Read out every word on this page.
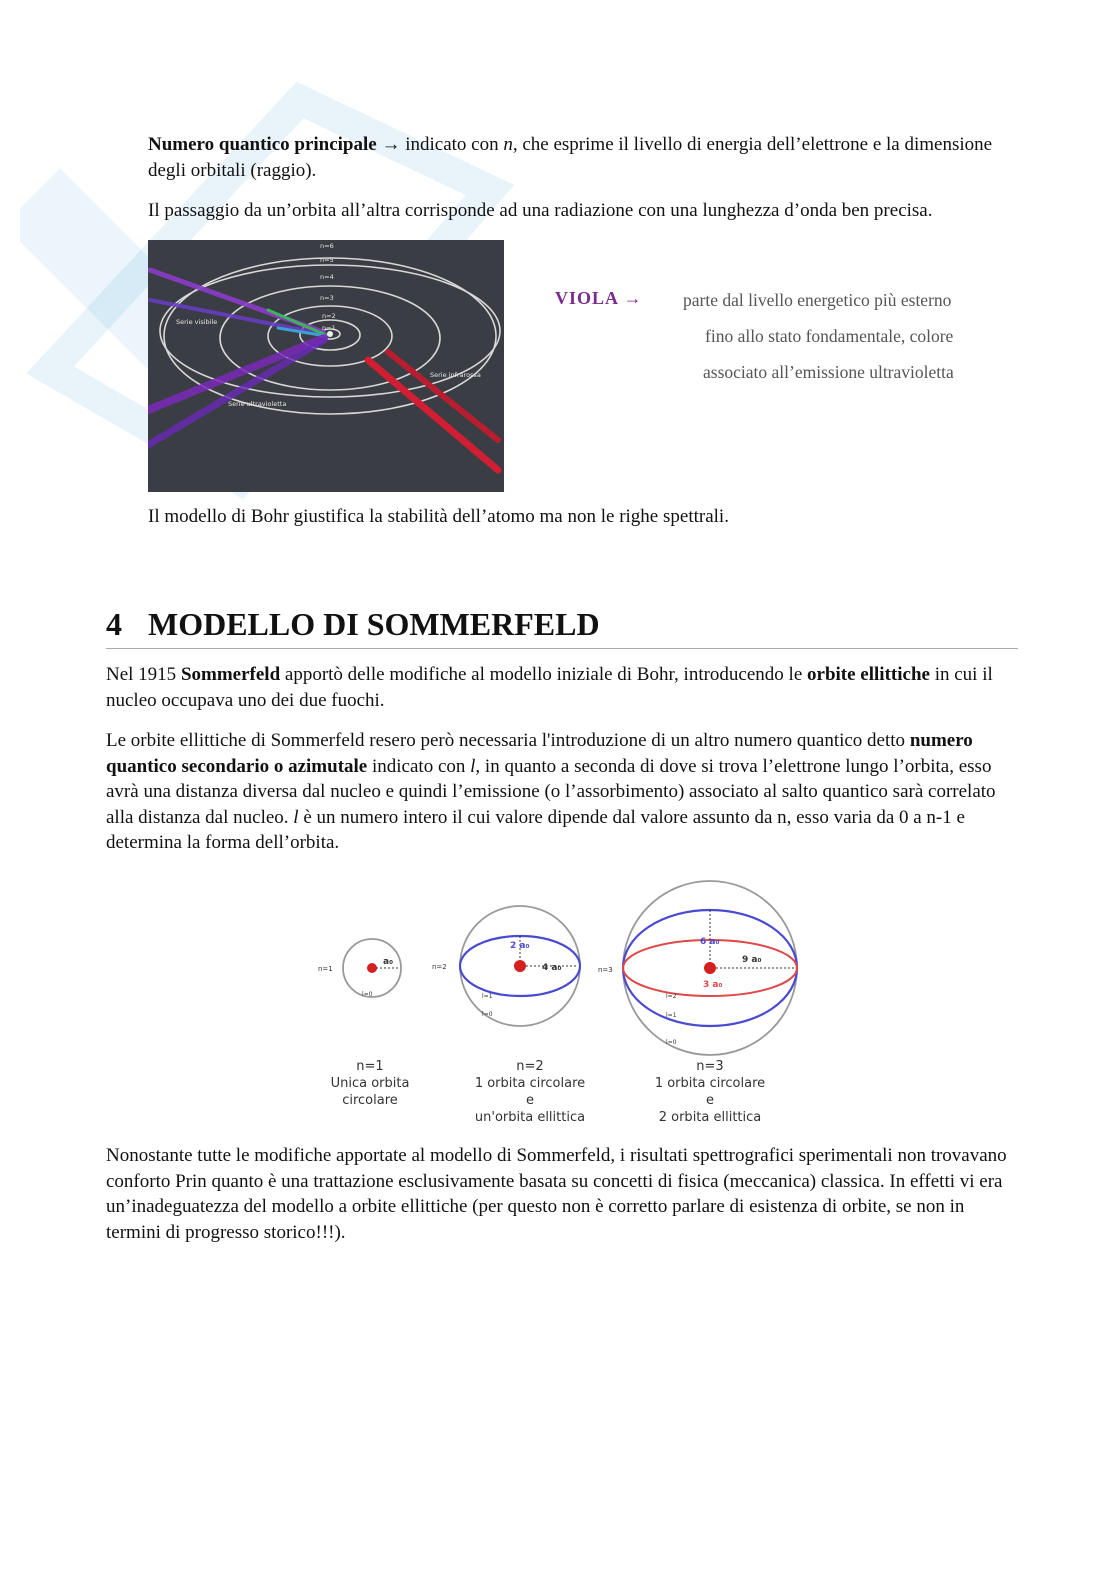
Numero quantico principale → indicato con n, che esprime il livello di energia dell’elettrone e la dimensione degli orbitali (raggio).

Il passaggio da un’orbita all’altra corrisponde ad una radiazione con una lunghezza d’onda ben precisa.

n=6
n=5
n=4
n=3
n=2
n=1
Serie visibile
Serie ultravioletta
Serie infrarossa
VIOLA → parte dal livello energetico più esterno
fino allo stato fondamentale, colore
associato all’emissione ultravioletta

Il modello di Bohr giustifica la stabilità dell’atomo ma non le righe spettrali.

4 MODELLO DI SOMMERFELD

Nel 1915 Sommerfeld apportò delle modifiche al modello iniziale di Bohr, introducendo le orbite ellittiche in cui il nucleo occupava uno dei due fuochi.

Le orbite ellittiche di Sommerfeld resero però necessaria l'introduzione di un altro numero quantico detto numero quantico secondario o azimutale indicato con l, in quanto a seconda di dove si trova l’elettrone lungo l’orbita, esso avrà una distanza diversa dal nucleo e quindi l’emissione (o l’assorbimento) associato al salto quantico sarà correlato alla distanza dal nucleo. l è un numero intero il cui valore dipende dal valore assunto da n, esso varia da 0 a n-1 e determina la forma dell’orbita.

n=1
a₀
l=0
n=1
Unica orbita
circolare
n=2
2 a₀
4 a₀
l=1
l=0
n=2
1 orbita circolare
e
un'orbita ellittica
n=3
6 a₀
9 a₀
3 a₀
l=2
l=1
l=0
n=3
1 orbita circolare
e
2 orbita ellittica

Nonostante tutte le modifiche apportate al modello di Sommerfeld, i risultati spettrografici sperimentali non trovavano conforto Prin quanto è una trattazione esclusivamente basata su concetti di fisica (meccanica) classica. In effetti vi era un’inadeguatezza del modello a orbite ellittiche (per questo non è corretto parlare di esistenza di orbite, se non in termini di progresso storico!!!).
